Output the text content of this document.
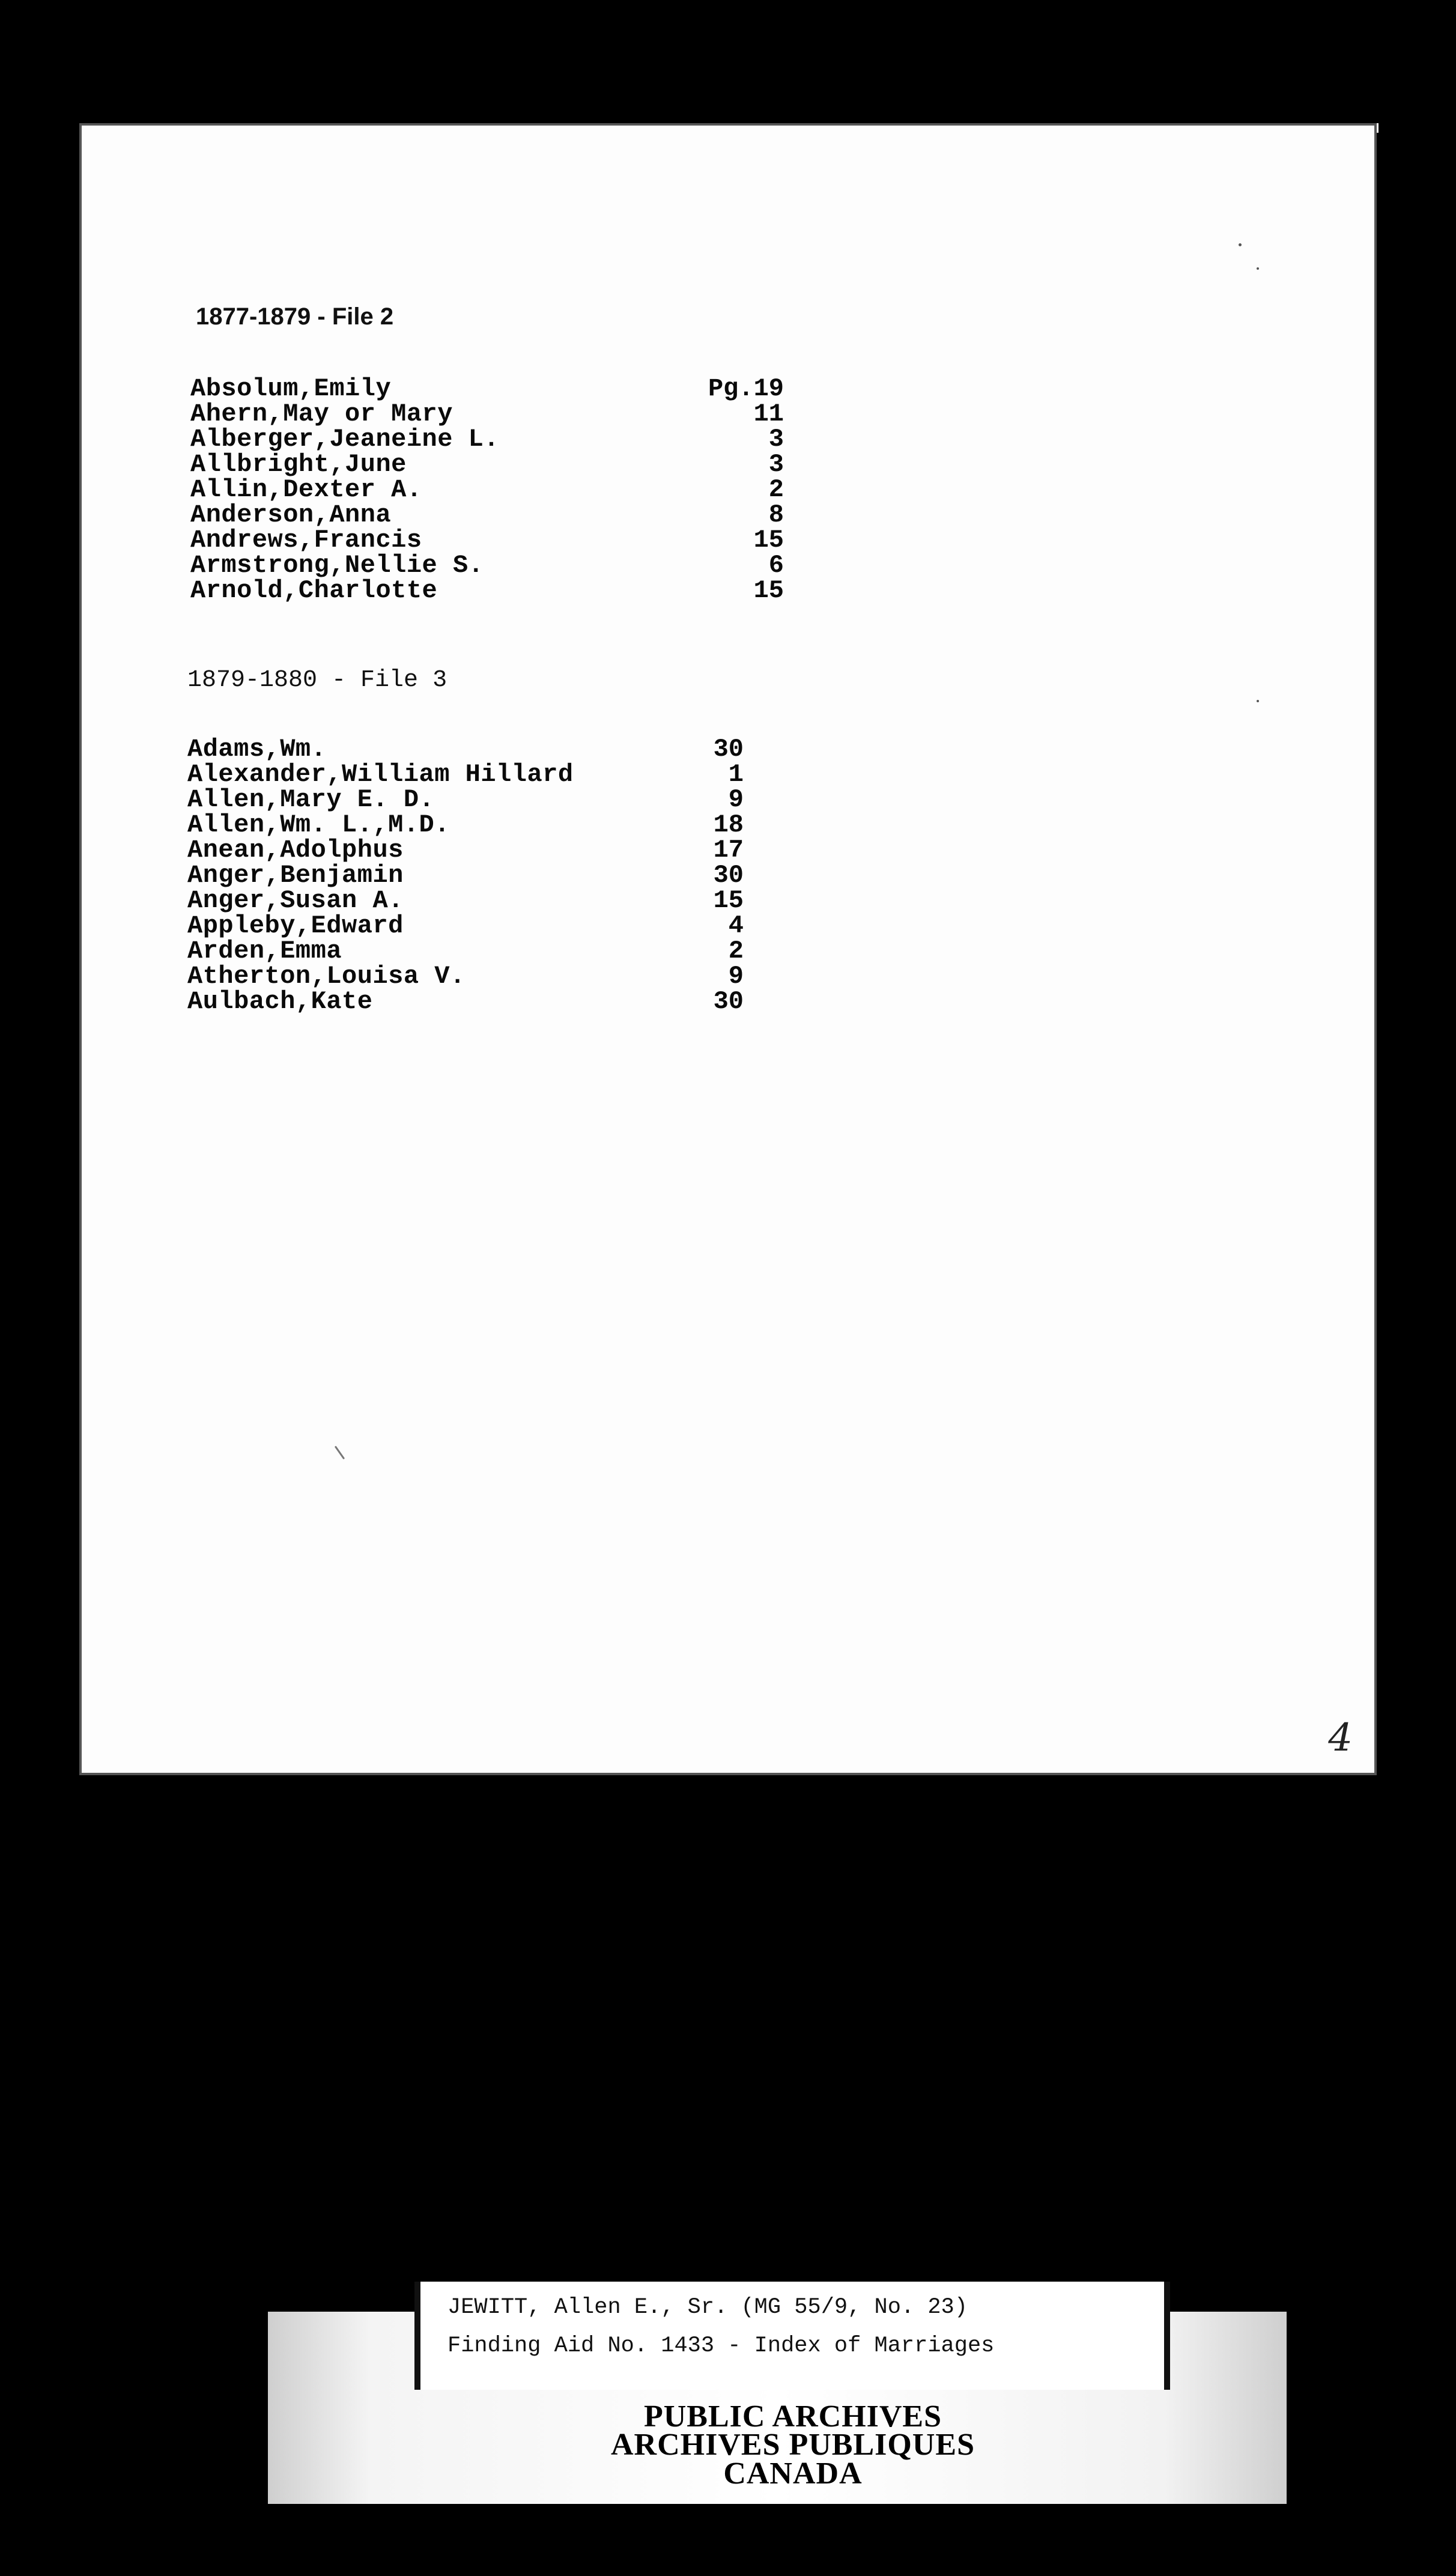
1877-1879 - File 2
Absolum,Emily	Pg.19
Ahern,May or Mary	11
Alberger,Jeaneine L.	3
Allbright,June	3
Allin,Dexter A.	2
Anderson,Anna	8
Andrews,Francis	15
Armstrong,Nellie S.	6
Arnold,Charlotte	15
1879-1880 - File 3
Adams,Wm.	30
Alexander,William Hillard	1
Allen,Mary E. D.	9
Allen,Wm. L.,M.D.	18
Anean,Adolphus	17
Anger,Benjamin	30
Anger,Susan A.	15
Appleby,Edward	4
Arden,Emma	2
Atherton,Louisa V.	9
Aulbach,Kate	30
4
JEWITT, Allen E., Sr. (MG 55/9, No. 23)
Finding Aid No. 1433 - Index of Marriages
PUBLIC ARCHIVES
ARCHIVES PUBLIQUES
CANADA
